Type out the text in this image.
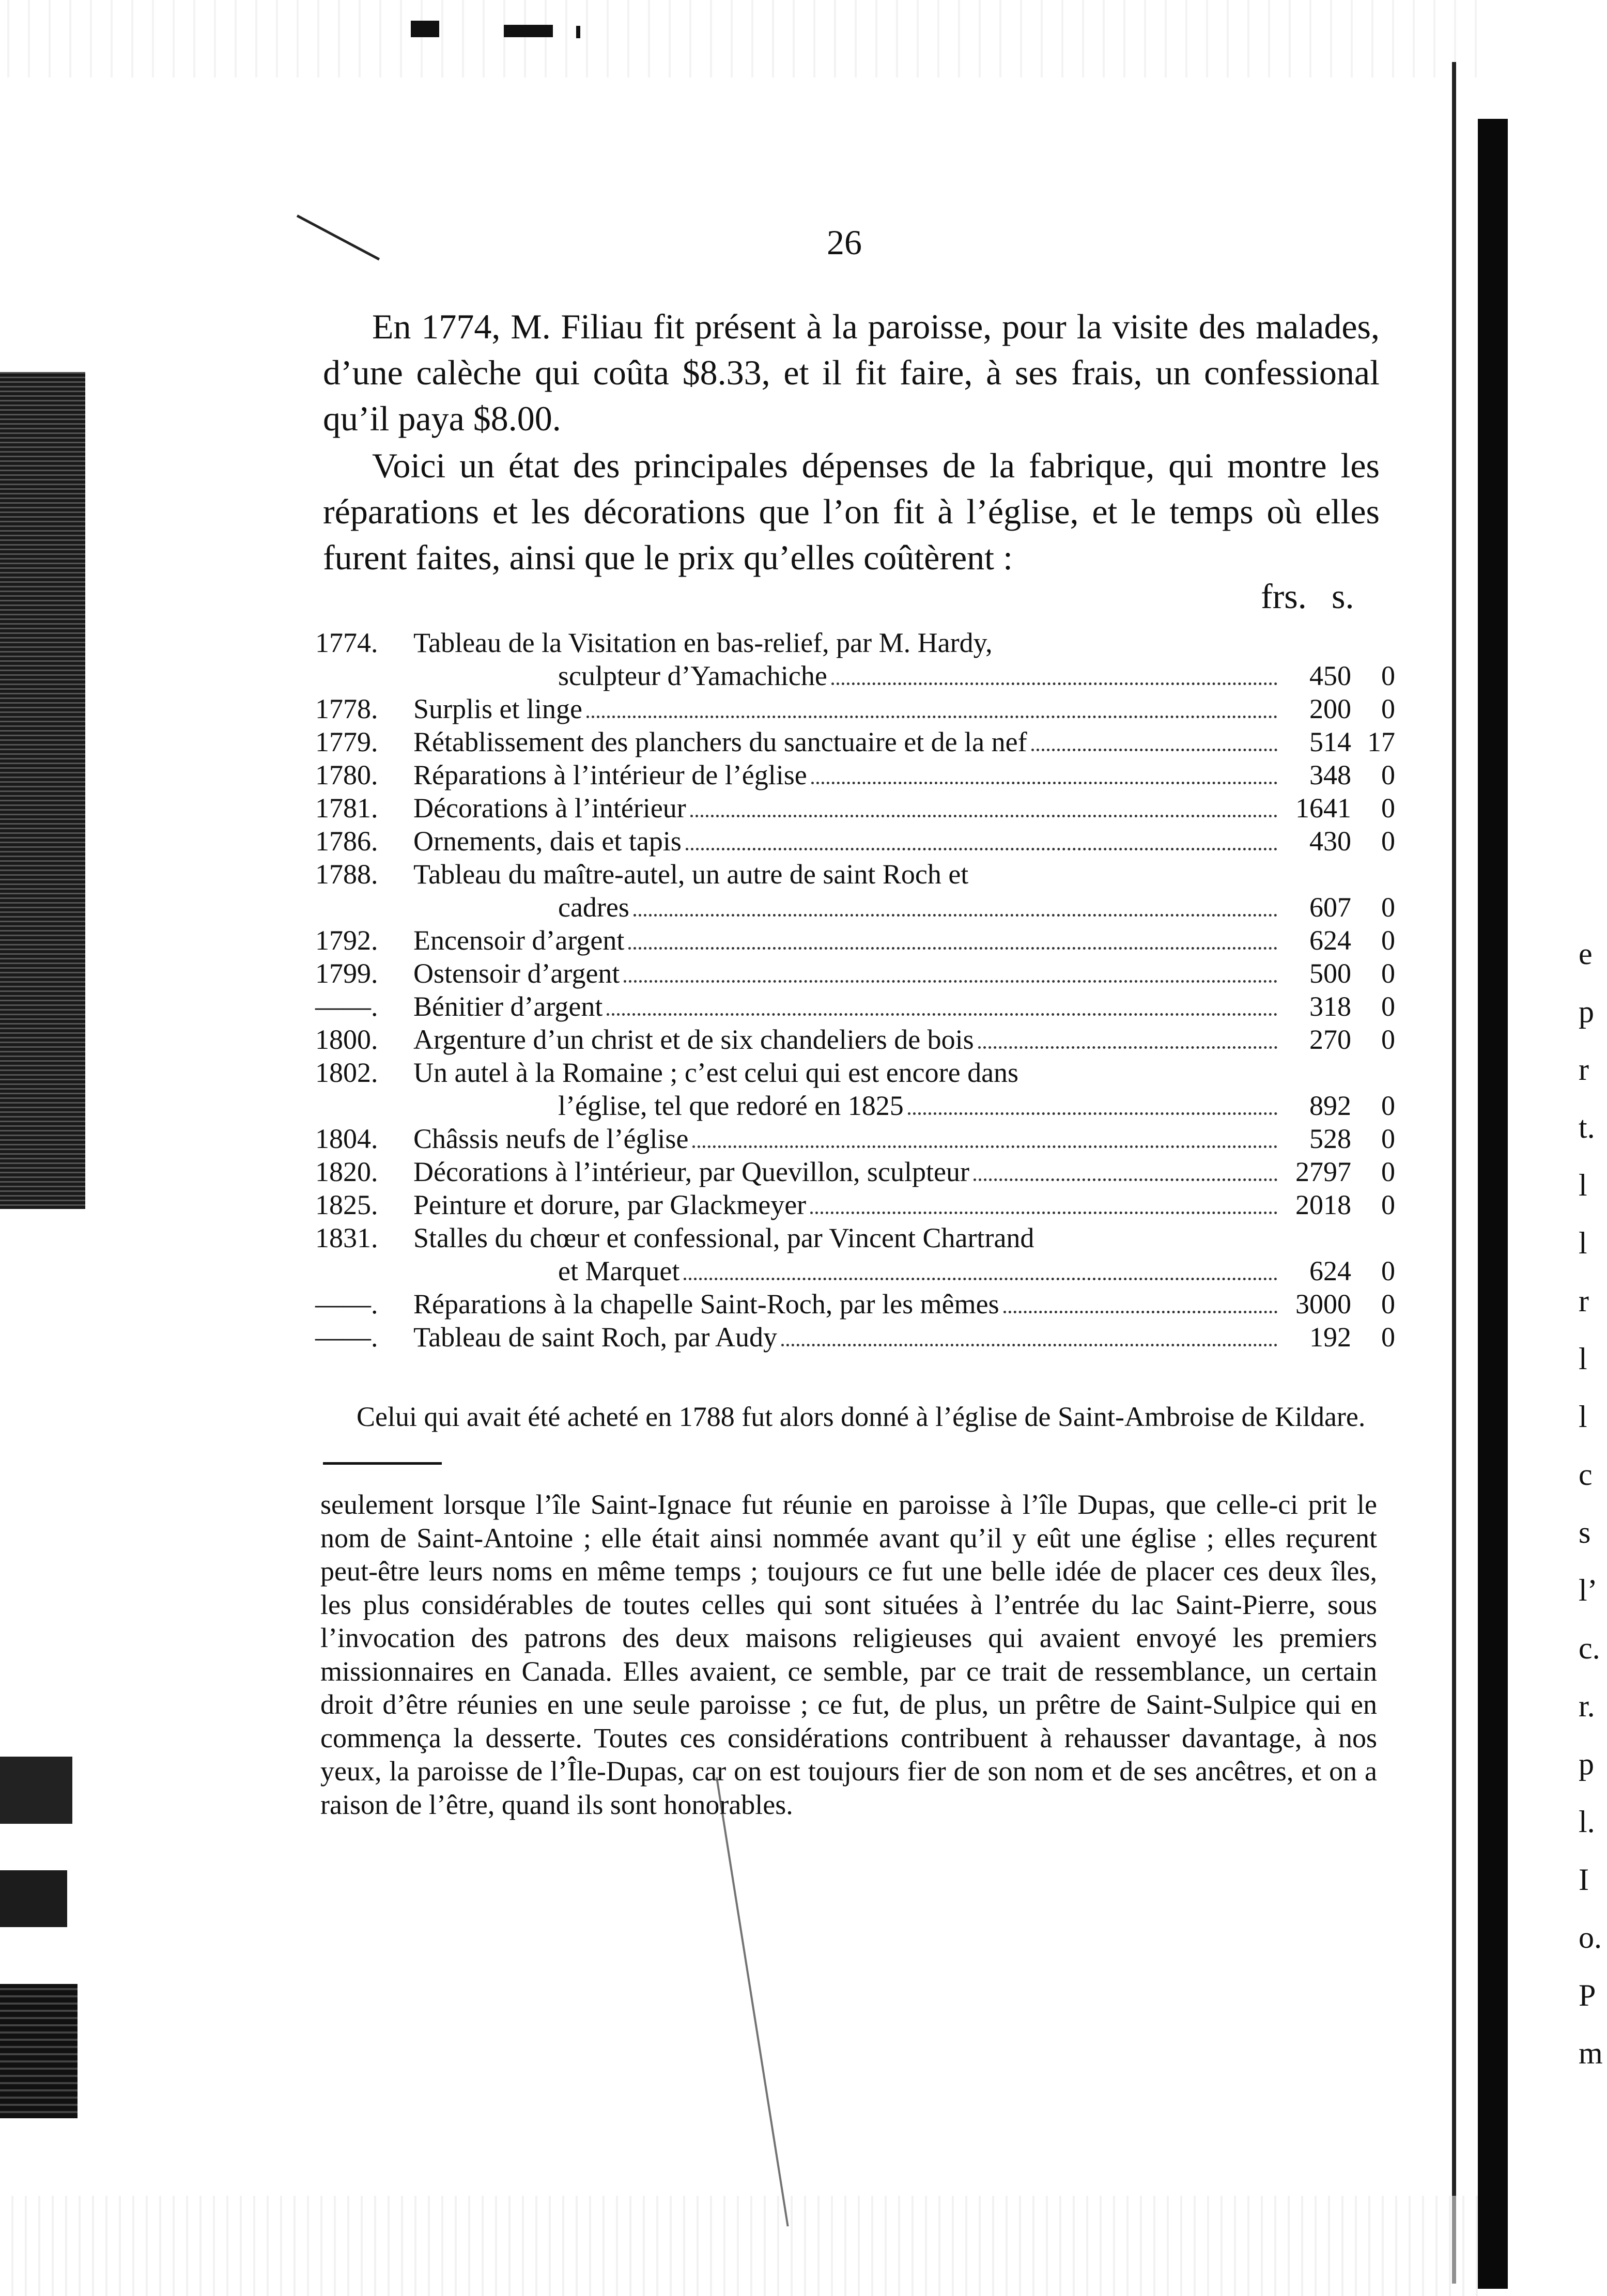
26

En 1774, M. Filiau fit présent à la paroisse, pour la visite des malades, d’une calèche qui coûta $8.33, et il fit faire, à ses frais, un confessional qu’il paya $8.00.

Voici un état des principales dépenses de la fabrique, qui montre les réparations et les décorations que l’on fit à l’église, et le temps où elles furent faites, ainsi que le prix qu’elles coûtèrent :

frs. s.
1774.	Tableau de la Visitation en bas-relief, par M. Hardy,
sculpteur d’Yamachiche	450	0
1778.	Surplis et linge	200	0
1779.	Rétablissement des planchers du sanctuaire et de la nef	514 17
1780.	Réparations à l’intérieur de l’église	348	0
1781.	Décorations à l’intérieur	1641	0
1786.	Ornements, dais et tapis	430	0
1788.	Tableau du maître-autel, un autre de saint Roch et
cadres	607	0
1792.	Encensoir d’argent	624	0
1799.	Ostensoir d’argent	500	0
——.	Bénitier d’argent	318	0
1800.	Argenture d’un christ et de six chandeliers de bois	270	0
1802.	Un autel à la Romaine ; c’est celui qui est encore dans
l’église, tel que redoré en 1825	892	0
1804.	Châssis neufs de l’église	528	0
1820.	Décorations à l’intérieur, par Quevillon, sculpteur	2797	0
1825.	Peinture et dorure, par Glackmeyer	2018	0
1831.	Stalles du chœur et confessional, par Vincent Chartrand
et Marquet	624	0
——.	Réparations à la chapelle Saint-Roch, par les mêmes	3000	0
——.	Tableau de saint Roch, par Audy	192	0

Celui qui avait été acheté en 1788 fut alors donné à l’église de Saint-Ambroise de Kildare.

seulement lorsque l’île Saint-Ignace fut réunie en paroisse à l’île Dupas, que celle-ci prit le nom de Saint-Antoine ; elle était ainsi nommée avant qu’il y eût une église ; elles reçurent peut-être leurs noms en même temps ; toujours ce fut une belle idée de placer ces deux îles, les plus considérables de toutes celles qui sont situées à l’entrée du lac Saint-Pierre, sous l’invocation des patrons des deux maisons religieuses qui avaient envoyé les premiers missionnaires en Canada. Elles avaient, ce semble, par ce trait de ressemblance, un certain droit d’être réunies en une seule paroisse ; ce fut, de plus, un prêtre de Saint-Sulpice qui en commença la desserte. Toutes ces considérations contribuent à rehausser davantage, à nos yeux, la paroisse de l’Île-Dupas, car on est toujours fier de son nom et de ses ancêtres, et on a raison de l’être, quand ils sont honorables.

e
p
r
t.
l
l
r
l
l
c
s
l’
c.
r.
p
l.
I
o.
P
m
